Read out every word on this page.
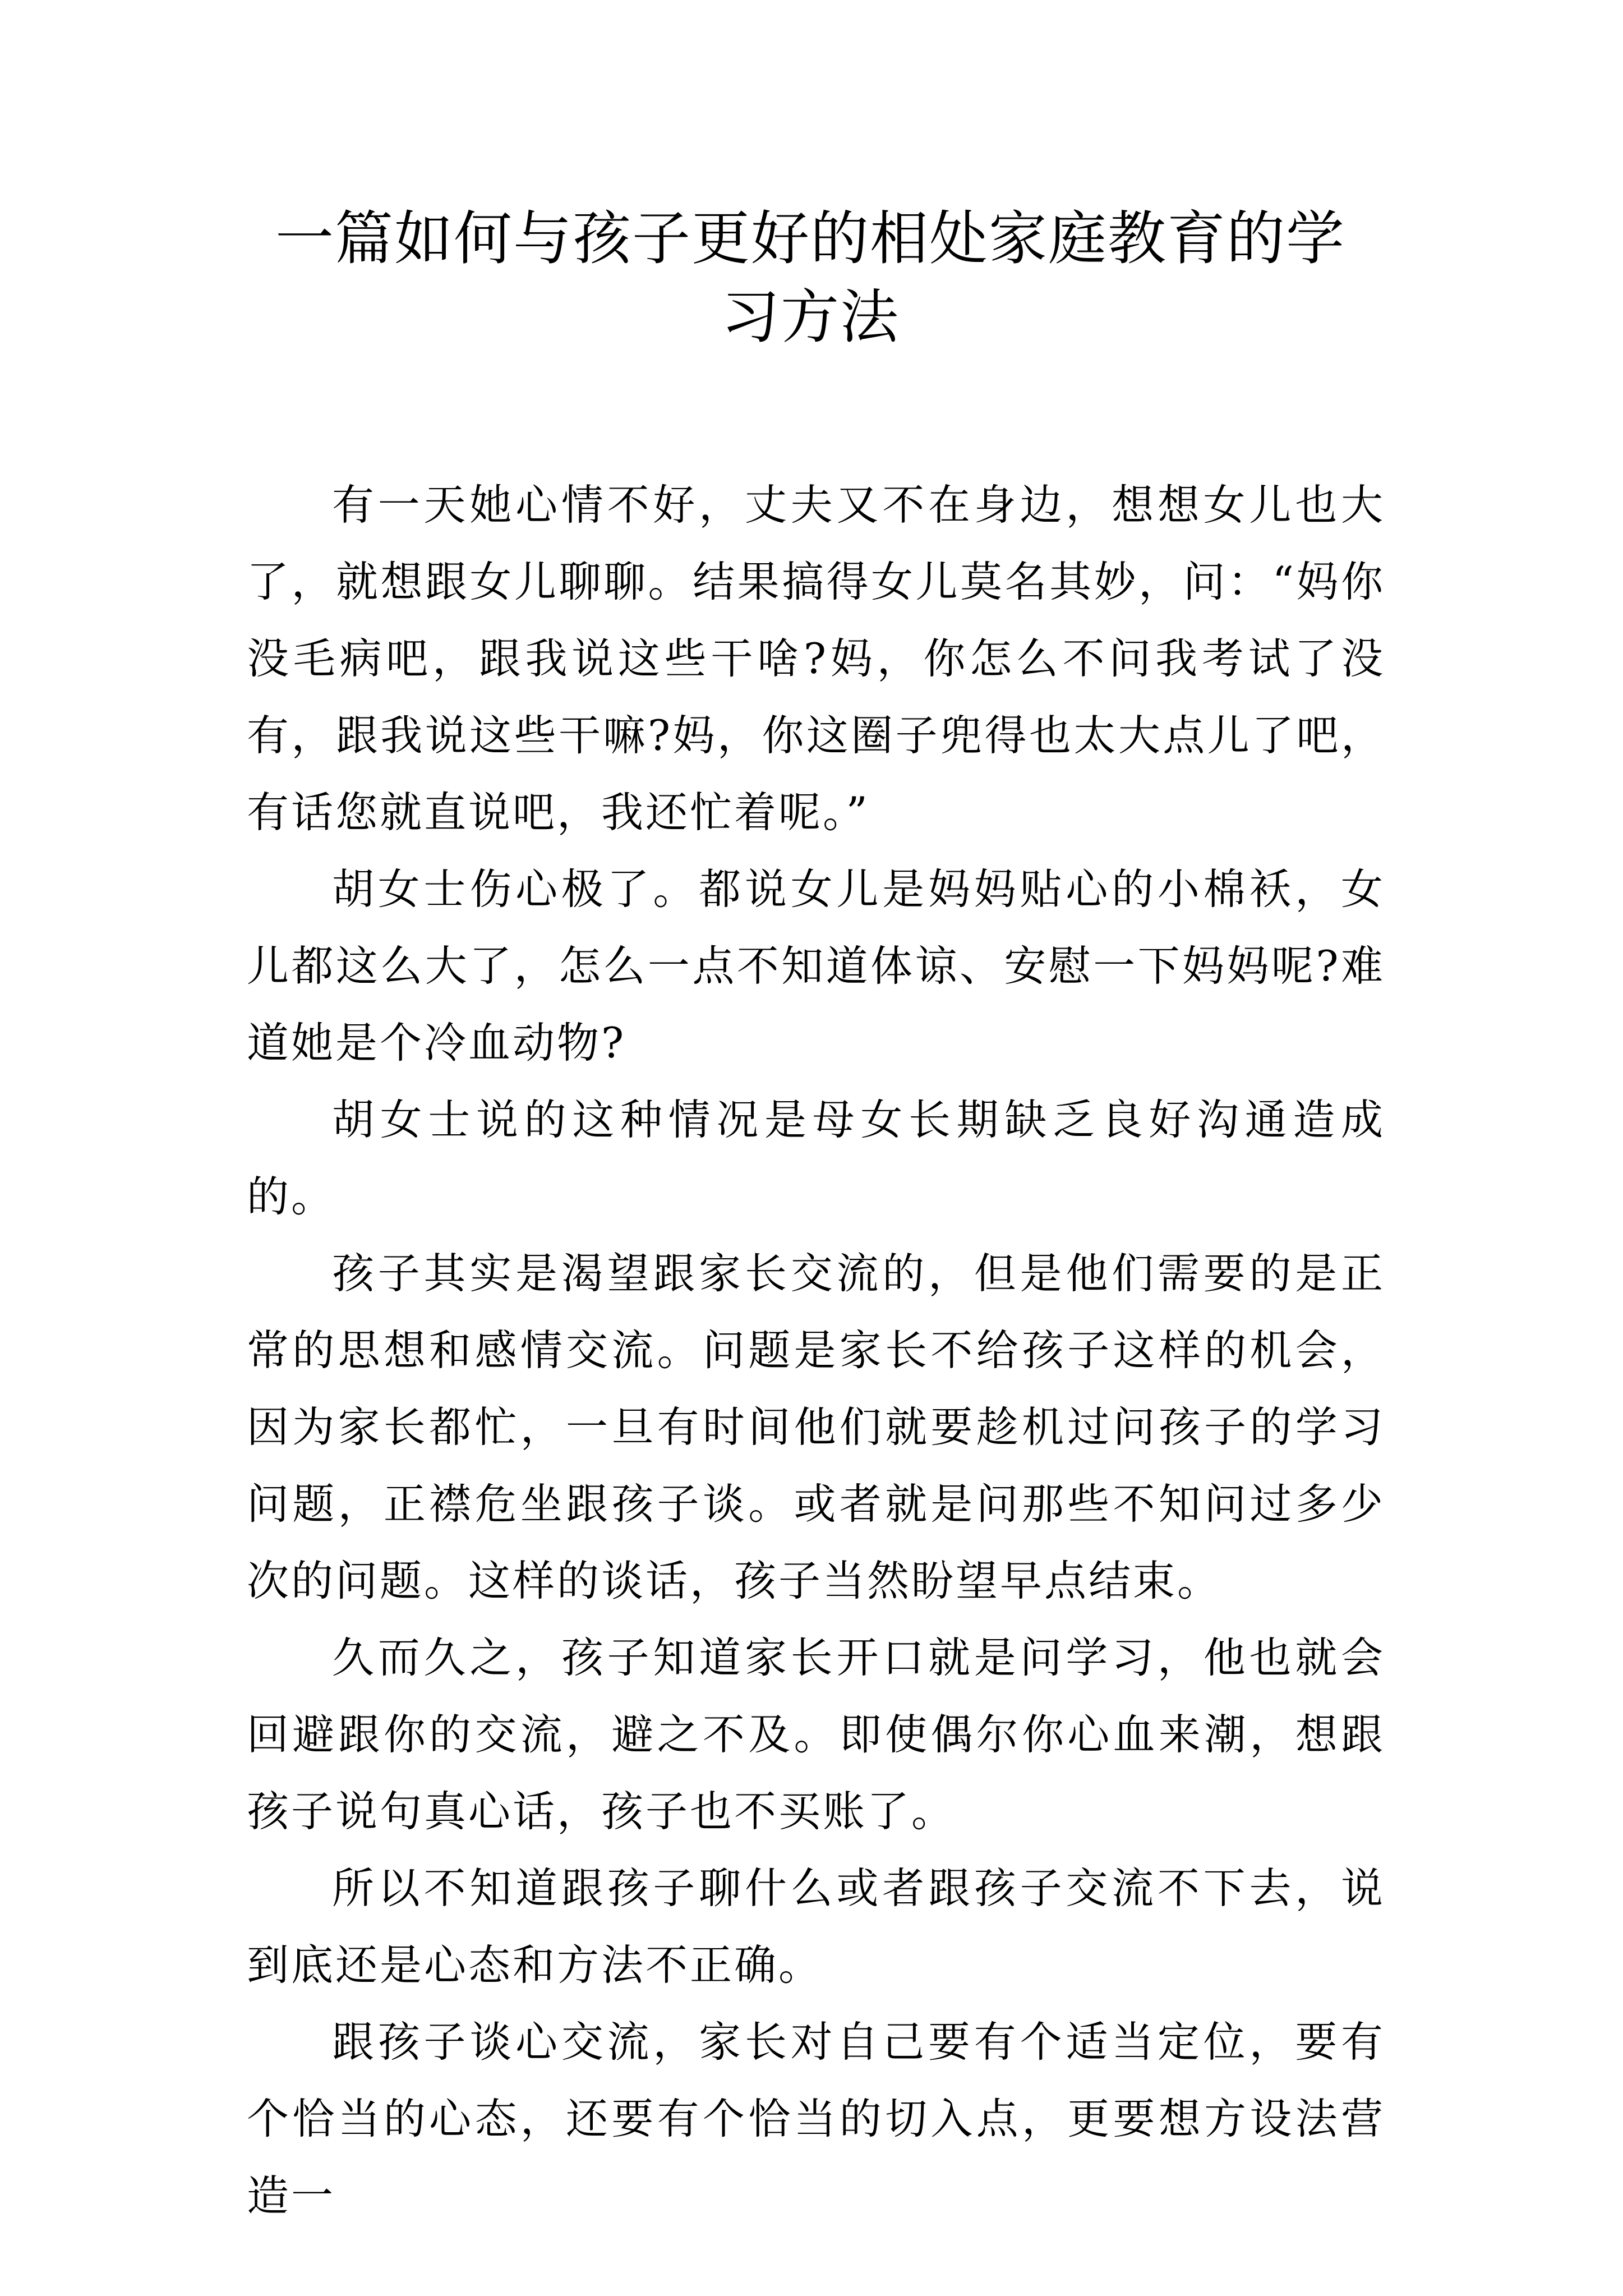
一篇如何与孩子更好的相处家庭教育的学习方法

有一天她心情不好，丈夫又不在身边，想想女儿也大了，就想跟女儿聊聊。结果搞得女儿莫名其妙，问：“妈你没毛病吧，跟我说这些干啥?妈，你怎么不问我考试了没有，跟我说这些干嘛?妈，你这圈子兜得也太大点儿了吧，有话您就直说吧，我还忙着呢。”

胡女士伤心极了。都说女儿是妈妈贴心的小棉袄，女儿都这么大了，怎么一点不知道体谅、安慰一下妈妈呢?难道她是个冷血动物?

胡女士说的这种情况是母女长期缺乏良好沟通造成的。

孩子其实是渴望跟家长交流的，但是他们需要的是正常的思想和感情交流。问题是家长不给孩子这样的机会，因为家长都忙，一旦有时间他们就要趁机过问孩子的学习问题，正襟危坐跟孩子谈。或者就是问那些不知问过多少次的问题。这样的谈话，孩子当然盼望早点结束。

久而久之，孩子知道家长开口就是问学习，他也就会回避跟你的交流，避之不及。即使偶尔你心血来潮，想跟孩子说句真心话，孩子也不买账了。

所以不知道跟孩子聊什么或者跟孩子交流不下去，说到底还是心态和方法不正确。

跟孩子谈心交流，家长对自己要有个适当定位，要有个恰当的心态，还要有个恰当的切入点，更要想方设法营造一
